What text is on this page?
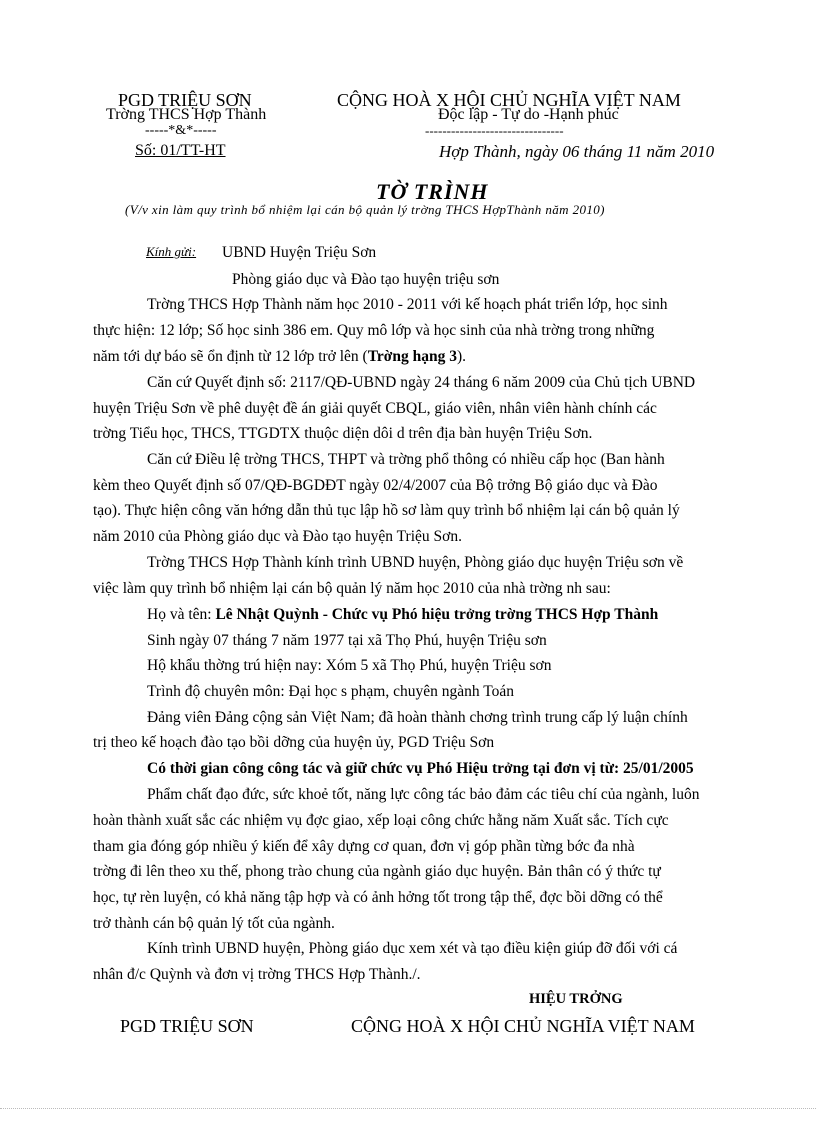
PGD TRIỆU SƠN
Trờng THCS Hợp Thành
-----*&*-----
Số: 01/TT-HT
CỘNG HOÀ X HỘI CHỦ NGHĨA VIỆT NAM
Độc lập - Tự do -Hạnh phúc
--------------------------------
Hợp Thành, ngày 06 tháng 11 năm 2010
TỜ TRÌNH
(V/v xin làm quy trình bổ nhiệm lại cán bộ quản lý trờng THCS HợpThành năm 2010)
Kính gửi: UBND Huyện Triệu Sơn
Phòng giáo dục và Đào tạo huyện triệu sơn
Trờng THCS Hợp Thành năm học 2010 - 2011 với kế hoạch phát triển lớp, học sinh
thực hiện: 12 lớp; Số học sinh 386 em. Quy mô lớp và học sinh của nhà trờng trong những
năm tới dự báo sẽ ổn định từ 12 lớp trở lên (Trờng hạng 3).
Căn cứ Quyết định số: 2117/QĐ-UBND ngày 24 tháng 6 năm 2009 của Chủ tịch UBND
huyện Triệu Sơn về phê duyệt đề án giải quyết CBQL, giáo viên, nhân viên hành chính các
trờng Tiểu học, THCS, TTGDTX thuộc diện dôi d trên địa bàn huyện Triệu Sơn.
Căn cứ Điều lệ trờng THCS, THPT và trờng phổ thông có nhiều cấp học (Ban hành
kèm theo Quyết định số 07/QĐ-BGDĐT ngày 02/4/2007 của Bộ trởng Bộ giáo dục và Đào
tạo). Thực hiện công văn hớng dẫn thủ tục lập hồ sơ làm quy trình bổ nhiệm lại cán bộ quản lý
năm 2010 của Phòng giáo dục và Đào tạo huyện Triệu Sơn.
Trờng THCS Hợp Thành kính trình UBND huyện, Phòng giáo dục huyện Triệu sơn về
việc làm quy trình bổ nhiệm lại cán bộ quản lý năm học 2010 của nhà trờng nh sau:
Họ và tên: Lê Nhật Quỳnh - Chức vụ Phó hiệu trởng trờng THCS Hợp Thành
Sinh ngày 07 tháng 7 năm 1977 tại xã Thọ Phú, huyện Triệu sơn
Hộ khẩu thờng trú hiện nay: Xóm 5 xã Thọ Phú, huyện Triệu sơn
Trình độ chuyên môn: Đại học s phạm, chuyên ngành Toán
Đảng viên Đảng cộng sản Việt Nam; đã hoàn thành chơng trình trung cấp lý luận chính
trị theo kế hoạch đào tạo bồi dỡng của huyện ủy, PGD Triệu Sơn
Có thời gian công công tác và giữ chức vụ Phó Hiệu trởng tại đơn vị từ: 25/01/2005
Phẩm chất đạo đức, sức khoẻ tốt, năng lực công tác bảo đảm các tiêu chí của ngành, luôn
hoàn thành xuất sắc các nhiệm vụ đợc giao, xếp loại công chức hằng năm Xuất sắc. Tích cực
tham gia đóng góp nhiều ý kiến để xây dựng cơ quan, đơn vị góp phần từng bớc đa nhà
trờng đi lên theo xu thế, phong trào chung của ngành giáo dục huyện. Bản thân có ý thức tự
học, tự rèn luyện, có khả năng tập hợp và có ảnh hởng tốt trong tập thể, đợc bồi dỡng có thể
trở thành cán bộ quản lý tốt của ngành.
Kính trình UBND huyện, Phòng giáo dục xem xét và tạo điều kiện giúp đỡ đối với cá
nhân đ/c Quỳnh và đơn vị trờng THCS Hợp Thành./.
HIỆU TRỞNG
PGD TRIỆU SƠN	CỘNG HOÀ X HỘI CHỦ NGHĨA VIỆT NAM
